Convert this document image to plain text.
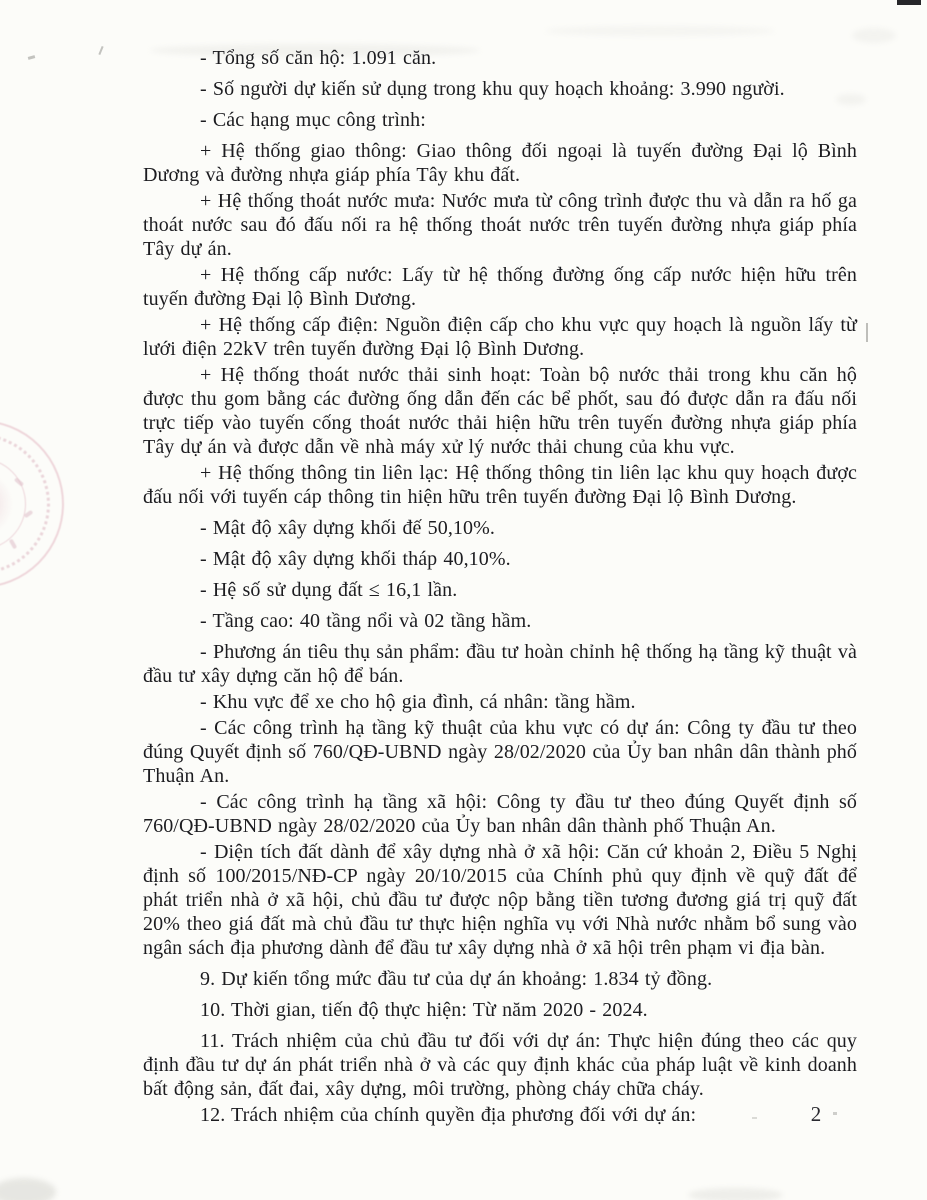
- Tổng số căn hộ: 1.091 căn.

- Số người dự kiến sử dụng trong khu quy hoạch khoảng: 3.990 người.

- Các hạng mục công trình:

+ Hệ thống giao thông: Giao thông đối ngoại là tuyến đường Đại lộ Bình Dương và đường nhựa giáp phía Tây khu đất.

+ Hệ thống thoát nước mưa: Nước mưa từ công trình được thu và dẫn ra hố ga thoát nước sau đó đấu nối ra hệ thống thoát nước trên tuyến đường nhựa giáp phía Tây dự án.

+ Hệ thống cấp nước: Lấy từ hệ thống đường ống cấp nước hiện hữu trên tuyến đường Đại lộ Bình Dương.

+ Hệ thống cấp điện: Nguồn điện cấp cho khu vực quy hoạch là nguồn lấy từ lưới điện 22kV trên tuyến đường Đại lộ Bình Dương.

+ Hệ thống thoát nước thải sinh hoạt: Toàn bộ nước thải trong khu căn hộ được thu gom bằng các đường ống dẫn đến các bể phốt, sau đó được dẫn ra đấu nối trực tiếp vào tuyến cống thoát nước thải hiện hữu trên tuyến đường nhựa giáp phía Tây dự án và được dẫn về nhà máy xử lý nước thải chung của khu vực.

+ Hệ thống thông tin liên lạc: Hệ thống thông tin liên lạc khu quy hoạch được đấu nối với tuyến cáp thông tin hiện hữu trên tuyến đường Đại lộ Bình Dương.

- Mật độ xây dựng khối đế 50,10%.

- Mật độ xây dựng khối tháp 40,10%.

- Hệ số sử dụng đất ≤ 16,1 lần.

- Tầng cao: 40 tầng nổi và 02 tầng hầm.

- Phương án tiêu thụ sản phẩm: đầu tư hoàn chỉnh hệ thống hạ tầng kỹ thuật và đầu tư xây dựng căn hộ để bán.

- Khu vực để xe cho hộ gia đình, cá nhân: tầng hầm.

- Các công trình hạ tầng kỹ thuật của khu vực có dự án: Công ty đầu tư theo đúng Quyết định số 760/QĐ-UBND ngày 28/02/2020 của Ủy ban nhân dân thành phố Thuận An.

- Các công trình hạ tầng xã hội: Công ty đầu tư theo đúng Quyết định số 760/QĐ-UBND ngày 28/02/2020 của Ủy ban nhân dân thành phố Thuận An.

- Diện tích đất dành để xây dựng nhà ở xã hội: Căn cứ khoản 2, Điều 5 Nghị định số 100/2015/NĐ-CP ngày 20/10/2015 của Chính phủ quy định về quỹ đất để phát triển nhà ở xã hội, chủ đầu tư được nộp bằng tiền tương đương giá trị quỹ đất 20% theo giá đất mà chủ đầu tư thực hiện nghĩa vụ với Nhà nước nhằm bổ sung vào ngân sách địa phương dành để đầu tư xây dựng nhà ở xã hội trên phạm vi địa bàn.

9. Dự kiến tổng mức đầu tư của dự án khoảng: 1.834 tỷ đồng.

10. Thời gian, tiến độ thực hiện: Từ năm 2020 - 2024.

11. Trách nhiệm của chủ đầu tư đối với dự án: Thực hiện đúng theo các quy định đầu tư dự án phát triển nhà ở và các quy định khác của pháp luật về kinh doanh bất động sản, đất đai, xây dựng, môi trường, phòng cháy chữa cháy.

12. Trách nhiệm của chính quyền địa phương đối với dự án:	2
